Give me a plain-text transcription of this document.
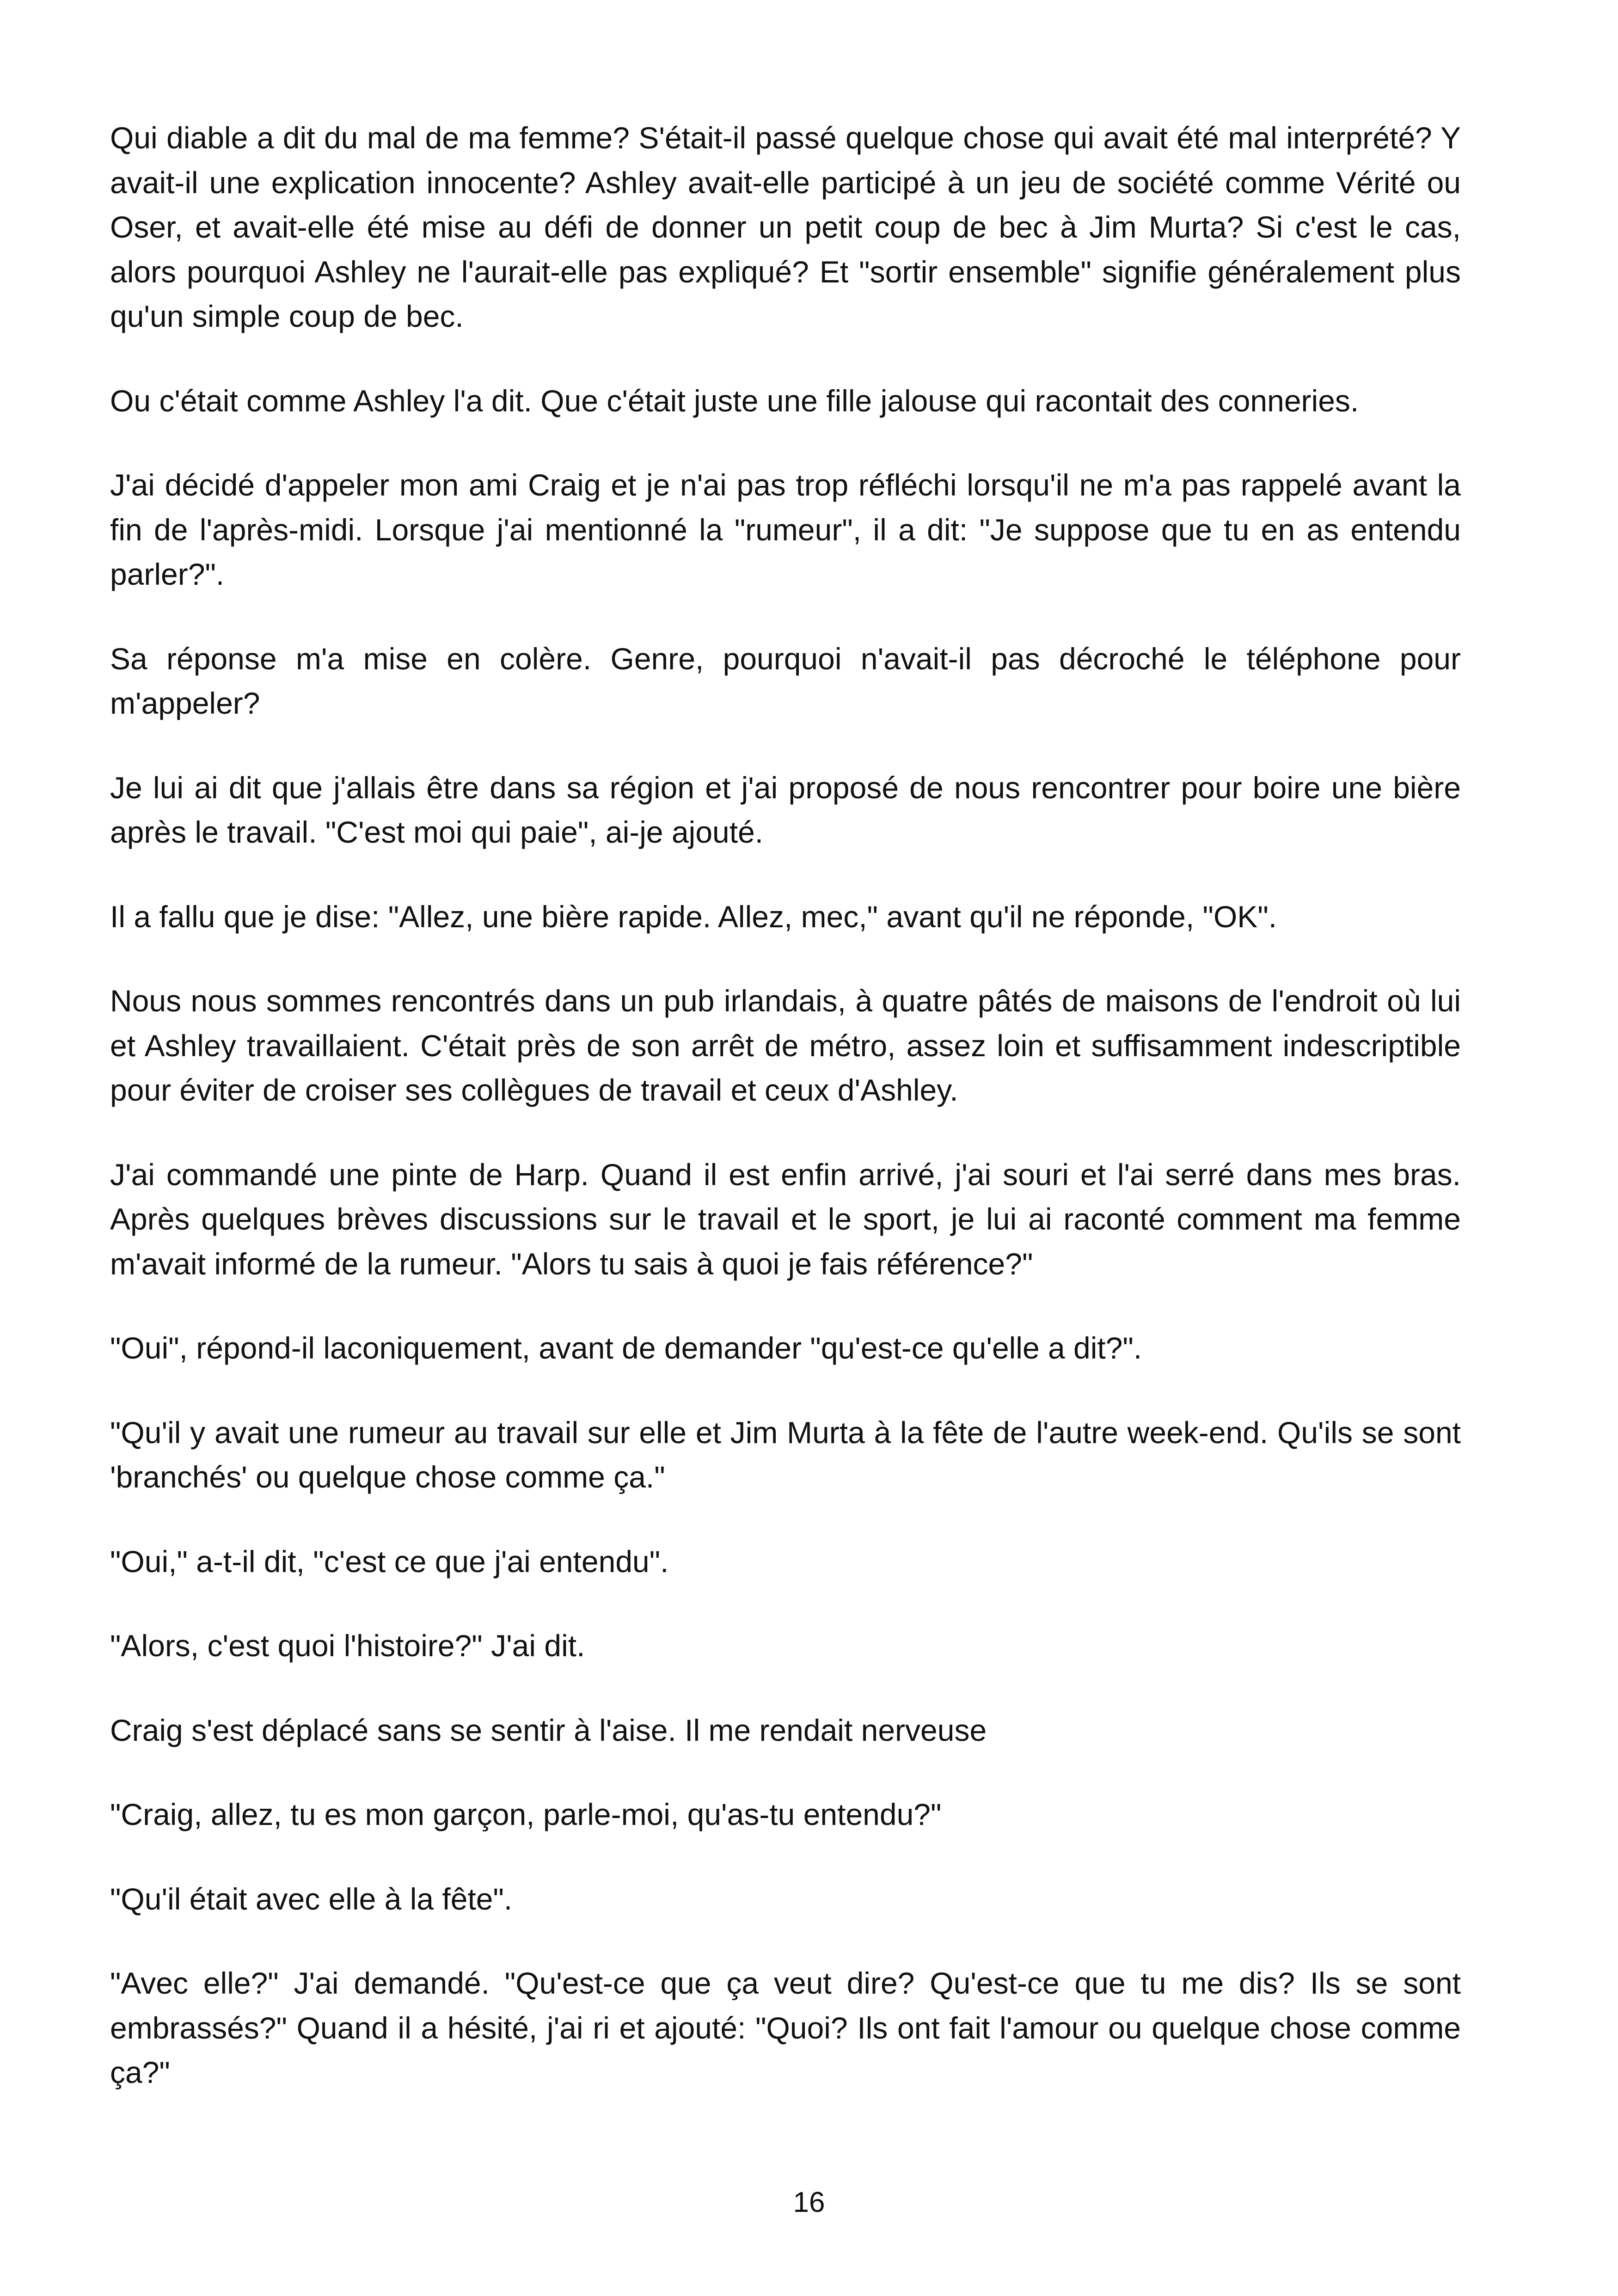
Qui diable a dit du mal de ma femme? S'était-il passé quelque chose qui avait été mal interprété? Y avait-il une explication innocente? Ashley avait-elle participé à un jeu de société comme Vérité ou Oser, et avait-elle été mise au défi de donner un petit coup de bec à Jim Murta? Si c'est le cas, alors pourquoi Ashley ne l'aurait-elle pas expliqué? Et "sortir ensemble" signifie généralement plus qu'un simple coup de bec.

Ou c'était comme Ashley l'a dit. Que c'était juste une fille jalouse qui racontait des conneries.

J'ai décidé d'appeler mon ami Craig et je n'ai pas trop réfléchi lorsqu'il ne m'a pas rappelé avant la fin de l'après-midi. Lorsque j'ai mentionné la "rumeur", il a dit: "Je suppose que tu en as entendu parler?".

Sa réponse m'a mise en colère. Genre, pourquoi n'avait-il pas décroché le téléphone pour m'appeler?

Je lui ai dit que j'allais être dans sa région et j'ai proposé de nous rencontrer pour boire une bière après le travail. "C'est moi qui paie", ai-je ajouté.

Il a fallu que je dise: "Allez, une bière rapide. Allez, mec," avant qu'il ne réponde, "OK".

Nous nous sommes rencontrés dans un pub irlandais, à quatre pâtés de maisons de l'endroit où lui et Ashley travaillaient. C'était près de son arrêt de métro, assez loin et suffisamment indescriptible pour éviter de croiser ses collègues de travail et ceux d'Ashley.

J'ai commandé une pinte de Harp. Quand il est enfin arrivé, j'ai souri et l'ai serré dans mes bras. Après quelques brèves discussions sur le travail et le sport, je lui ai raconté comment ma femme m'avait informé de la rumeur. "Alors tu sais à quoi je fais référence?"

"Oui", répond-il laconiquement, avant de demander "qu'est-ce qu'elle a dit?".

"Qu'il y avait une rumeur au travail sur elle et Jim Murta à la fête de l'autre week-end. Qu'ils se sont 'branchés' ou quelque chose comme ça."

"Oui," a-t-il dit, "c'est ce que j'ai entendu".

"Alors, c'est quoi l'histoire?" J'ai dit.

Craig s'est déplacé sans se sentir à l'aise. Il me rendait nerveuse

"Craig, allez, tu es mon garçon, parle-moi, qu'as-tu entendu?"

"Qu'il était avec elle à la fête".

"Avec elle?" J'ai demandé. "Qu'est-ce que ça veut dire? Qu'est-ce que tu me dis? Ils se sont embrassés?" Quand il a hésité, j'ai ri et ajouté: "Quoi? Ils ont fait l'amour ou quelque chose comme ça?"

16
